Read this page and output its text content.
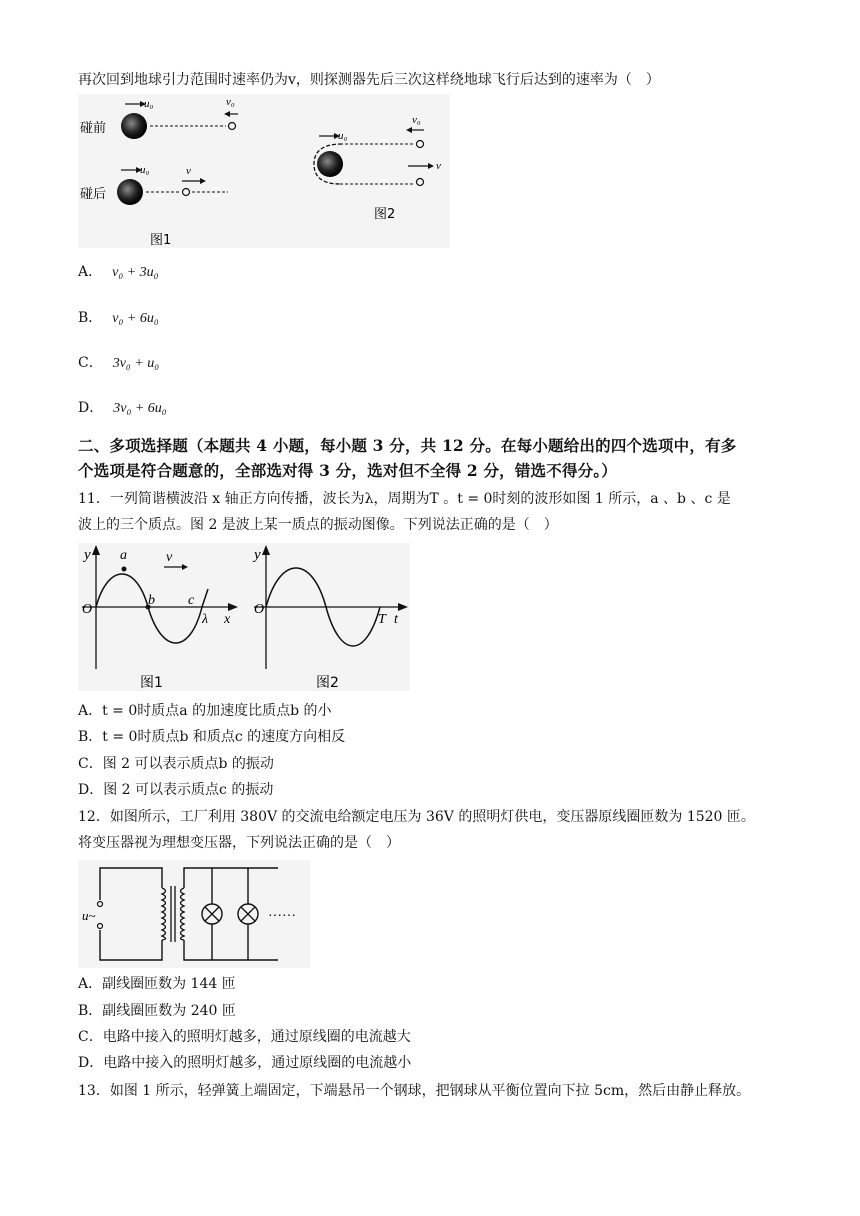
再次回到地球引力范围时速率仍为v，则探测器先后三次这样绕地球飞行后达到的速率为（　）
碰前
u₀	v₀
碰后
u₀	v
图1
u₀
v₀
v
图2
A． v₀ + 3u₀
B． v₀ + 6u₀
C． 3v₀ + u₀
D． 3v₀ + 6u₀
二、多项选择题（本题共 4 小题，每小题 3 分，共 12 分。在每小题给出的四个选项中，有多
个选项是符合题意的，全部选对得 3 分，选对但不全得 2 分，错选不得分。）
11．一列简谐横波沿 x 轴正方向传播，波长为λ，周期为T 。t = 0时刻的波形如图 1 所示，a 、b 、c 是
波上的三个质点。图 2 是波上某一质点的振动图像。下列说法正确的是（　）
y
O
a
b c
v
λ x
图1
y
O
T t
图2
A．t = 0时质点a 的加速度比质点b 的小
B．t = 0时质点b 和质点c 的速度方向相反
C．图 2 可以表示质点b 的振动
D．图 2 可以表示质点c 的振动
12．如图所示，工厂利用 380V 的交流电给额定电压为 36V 的照明灯供电，变压器原线圈匝数为 1520 匝。
将变压器视为理想变压器，下列说法正确的是（　）
u~	……
A．副线圈匝数为 144 匝
B．副线圈匝数为 240 匝
C．电路中接入的照明灯越多，通过原线圈的电流越大
D．电路中接入的照明灯越多，通过原线圈的电流越小
13．如图 1 所示，轻弹簧上端固定，下端悬吊一个钢球，把钢球从平衡位置向下拉 5cm，然后由静止释放。
